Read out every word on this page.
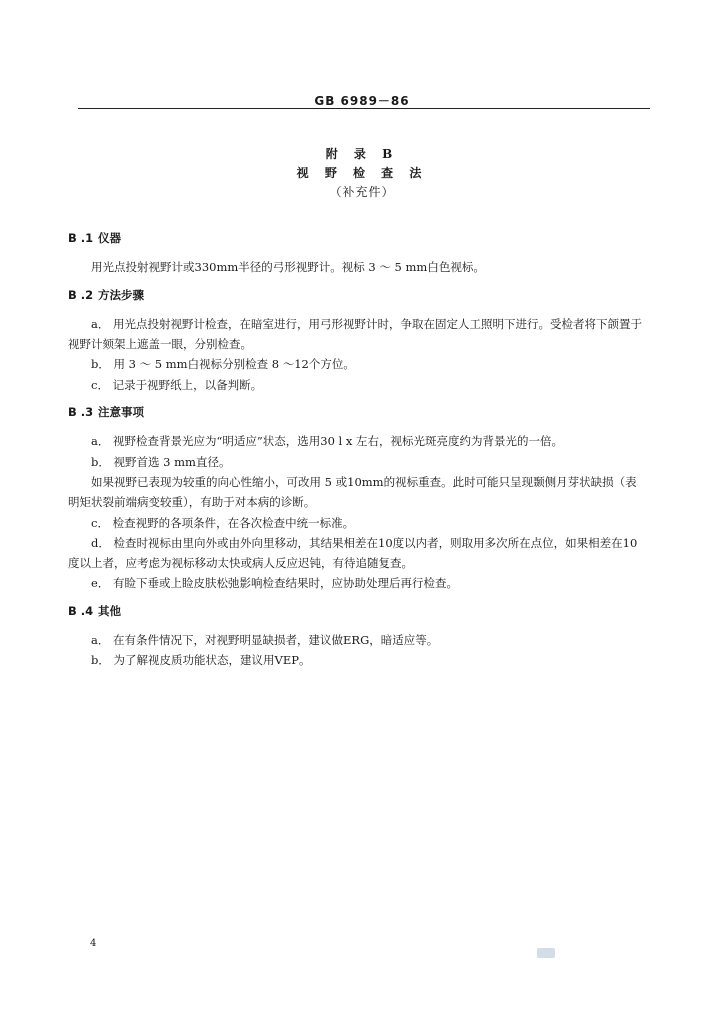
GB 6989－86
附 录 B
视 野 检 查 法
（补充件）
B .1 仪器

用光点投射视野计或330mm半径的弓形视野计。视标 3 ～ 5 mm白色视标。

B .2 方法步骤

a． 用光点投射视野计检查，在暗室进行，用弓形视野计时，争取在固定人工照明下进行。受检者将下颌置于视野计颏架上遮盖一眼，分别检查。

b． 用 3 ～ 5 mm白视标分别检查 8 ～12个方位。

c． 记录于视野纸上，以备判断。

B .3 注意事项

a． 视野检查背景光应为“明适应”状态，选用30 l x 左右，视标光斑亮度约为背景光的一倍。

b． 视野首选 3 mm直径。

如果视野已表现为较重的向心性缩小，可改用 5 或10mm的视标重查。此时可能只呈现颞侧月芽状缺损（表明矩状裂前端病变较重），有助于对本病的诊断。

c． 检查视野的各项条件，在各次检查中统一标准。

d． 检查时视标由里向外或由外向里移动，其结果相差在10度以内者，则取用多次所在点位，如果相差在10度以上者，应考虑为视标移动太快或病人反应迟钝，有待追随复查。

e． 有睑下垂或上睑皮肤松弛影响检查结果时，应协助处理后再行检查。

B .4 其他

a． 在有条件情况下，对视野明显缺损者，建议做ERG，暗适应等。

b． 为了解视皮质功能状态，建议用VEP。

4
